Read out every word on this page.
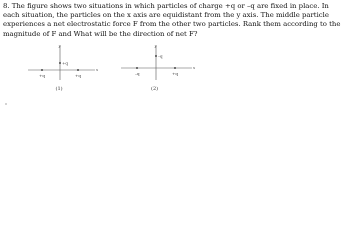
8. The figure shows two situations in which particles of charge +q or –q are fixed in place. In each situation, the particles on the x axis are equidistant from the y axis. The middle particle experiences a net electrostatic force F from the other two particles. Rank them according to the magnitude of F and What will be the direction of net F?

y
x
+q
+q	+q
(1)
y
x
–q
–q	+q
(2)
